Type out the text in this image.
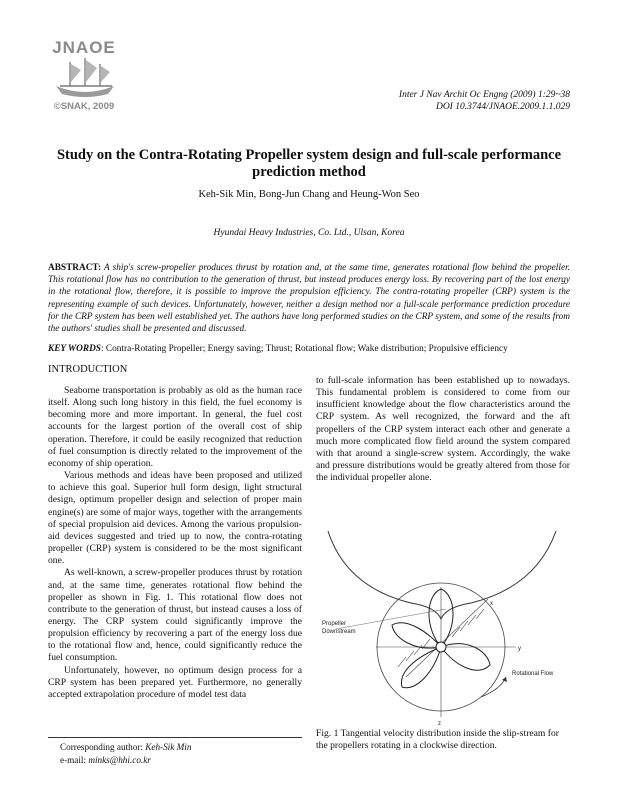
JNAOE
©SNAK, 2009
Inter J Nav Archit Oc Engng (2009) 1:29~38
DOI 10.3744/JNAOE.2009.1.1.029
Study on the Contra-Rotating Propeller system design and full-scale performance prediction method
Keh-Sik Min, Bong-Jun Chang and Heung-Won Seo
Hyundai Heavy Industries, Co. Ltd., Ulsan, Korea
ABSTRACT: A ship's screw-propeller produces thrust by rotation and, at the same time, generates rotational flow behind the propeller. This rotational flow has no contribution to the generation of thrust, but instead produces energy loss. By recovering part of the lost energy in the rotational flow, therefore, it is possible to improve the propulsion efficiency. The contra-rotating propeller (CRP) system is the representing example of such devices. Unfortunately, however, neither a design method nor a full-scale performance prediction procedure for the CRP system has been well established yet. The authors have long performed studies on the CRP system, and some of the results from the authors' studies shall be presented and discussed.
KEY WORDS: Contra-Rotating Propeller; Energy saving; Thrust; Rotational flow; Wake distribution; Propulsive efficiency
INTRODUCTION

Seaborne transportation is probably as old as the human race itself. Along such long history in this field, the fuel economy is becoming more and more important. In general, the fuel cost accounts for the largest portion of the overall cost of ship operation. Therefore, it could be easily recognized that reduction of fuel consumption is directly related to the improvement of the economy of ship operation.

Various methods and ideas have been proposed and utilized to achieve this goal. Superior hull form design, light structural design, optimum propeller design and selection of proper main engine(s) are some of major ways, together with the arrangements of special propulsion aid devices. Among the various propulsion-aid devices suggested and tried up to now, the contra-rotating propeller (CRP) system is considered to be the most significant one.

As well-known, a screw-propeller produces thrust by rotation and, at the same time, generates rotational flow behind the propeller as shown in Fig. 1. This rotational flow does not contribute to the generation of thrust, but instead causes a loss of energy. The CRP system could significantly improve the propulsion efficiency by recovering a part of the energy loss due to the rotational flow and, hence, could significantly reduce the fuel consumption.

Unfortunately, however, no optimum design process for a CRP system has been prepared yet. Furthermore, no generally accepted extrapolation procedure of model test data

to full-scale information has been established up to nowadays. This fundamental problem is considered to come from our insufficient knowledge about the flow characteristics around the CRP system. As well recognized, the forward and the aft propellers of the CRP system interact each other and generate a much more complicated flow field around the system compared with that around a single-screw system. Accordingly, the wake and pressure distributions would be greatly altered from those for the individual propeller alone.

Propeller
Downstream
Rotational Flow
x
y
z
Fig. 1 Tangential velocity distribution inside the slip-stream for the propellers rotating in a clockwise direction.
Corresponding author: Keh-Sik Min
e-mail: minks@hhi.co.kr
